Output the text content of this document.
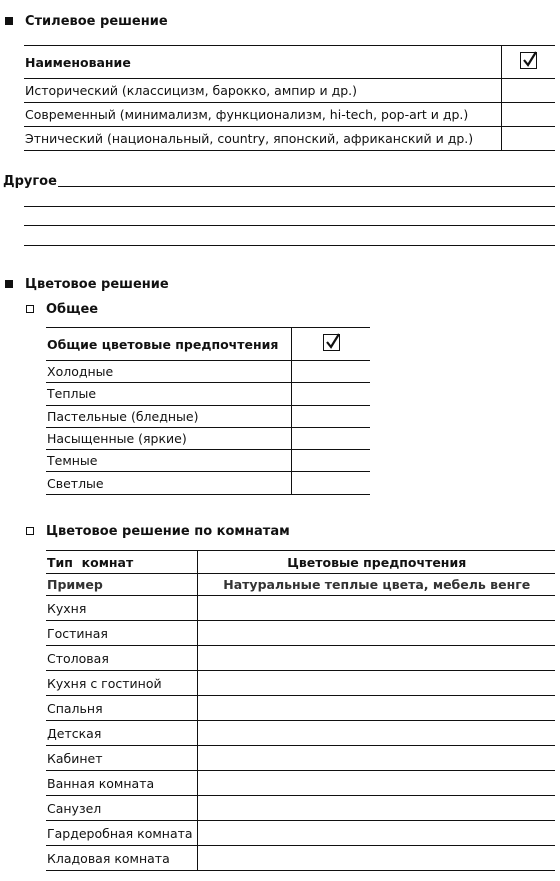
Стилевое решение
Наименование	

Исторический (классицизм, барокко, ампир и др.)	
Современный (минимализм, функционализм, hi-tech, pop-art и др.)	
Этнический (национальный, country, японский, африканский и др.)	
Другое
Цветовое решение
Общее
Общие цветовые предпочтения	

Холодные	
Теплые	
Пастельные (бледные)	
Насыщенные (яркие)	
Темные	
Светлые	
Цветовое решение по комнатам
Тип  комнат	Цветовые предпочтения
Пример	Натуральные теплые цвета, мебель венге
Кухня	
Гостиная	
Столовая	
Кухня с гостиной	
Спальня	
Детская	
Кабинет	
Ванная комната	
Санузел	
Гардеробная комната	
Кладовая комната	
